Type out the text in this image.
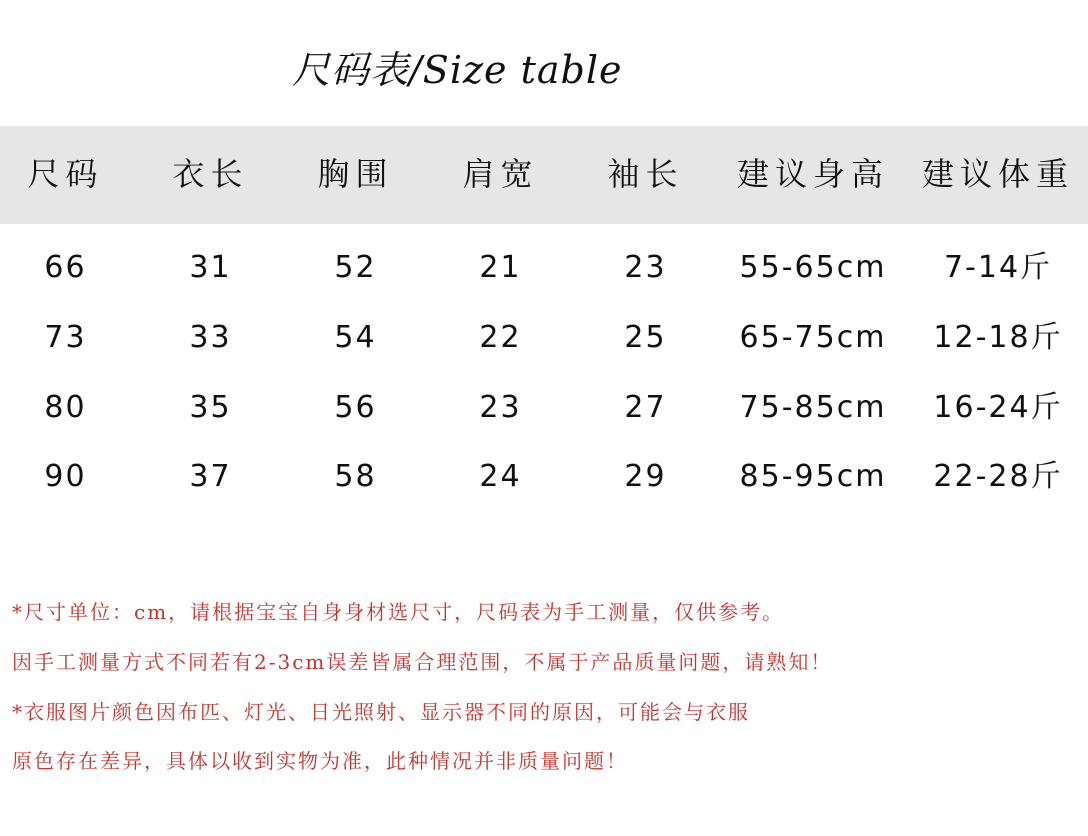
尺码表/Size table
尺码	衣长	胸围	肩宽	袖长	建议身高	建议体重
66	31	52	21	23	55-65cm	7-14斤
73	33	54	22	25	65-75cm	12-18斤
80	35	56	23	27	75-85cm	16-24斤
90	37	58	24	29	85-95cm	22-28斤
*尺寸单位：cm，请根据宝宝自身身材选尺寸，尺码表为手工测量，仅供参考。
因手工测量方式不同若有2-3cm误差皆属合理范围，不属于产品质量问题，请熟知！
*衣服图片颜色因布匹、灯光、日光照射、显示器不同的原因，可能会与衣服
原色存在差异，具体以收到实物为准，此种情况并非质量问题！
